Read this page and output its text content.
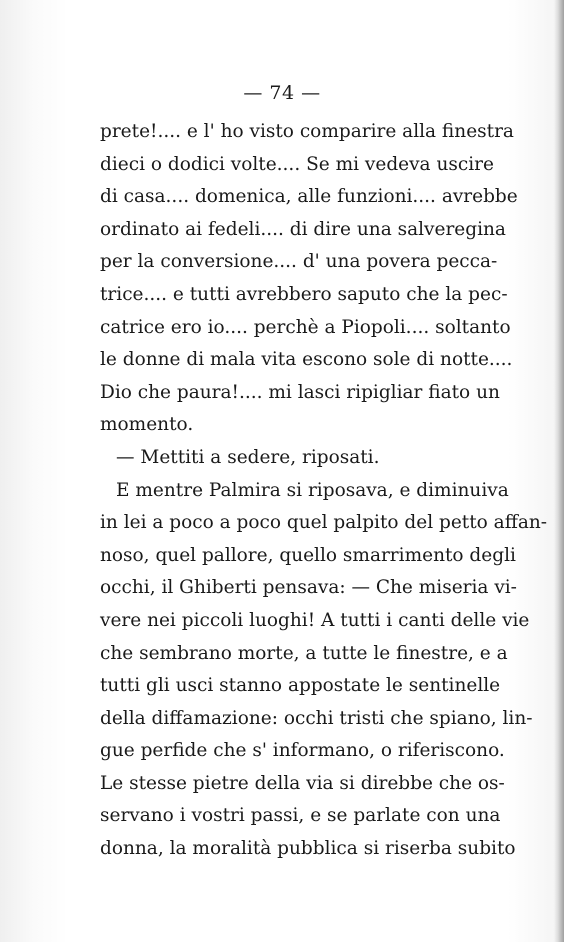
— 74 —
prete!.... e l' ho visto comparire alla finestra
dieci o dodici volte.... Se mi vedeva uscire
di casa.... domenica, alle funzioni.... avrebbe
ordinato ai fedeli.... di dire una salveregina
per la conversione.... d' una povera pecca-
trice.... e tutti avrebbero saputo che la pec-
catrice ero io.... perchè a Piopoli.... soltanto
le donne di mala vita escono sole di notte....
Dio che paura!.... mi lasci ripigliar fiato un
momento.
— Mettiti a sedere, riposati.
E mentre Palmira si riposava, e diminuiva
in lei a poco a poco quel palpito del petto affan-
noso, quel pallore, quello smarrimento degli
occhi, il Ghiberti pensava: — Che miseria vi-
vere nei piccoli luoghi! A tutti i canti delle vie
che sembrano morte, a tutte le finestre, e a
tutti gli usci stanno appostate le sentinelle
della diffamazione: occhi tristi che spiano, lin-
gue perfide che s' informano, o riferiscono.
Le stesse pietre della via si direbbe che os-
servano i vostri passi, e se parlate con una
donna, la moralità pubblica si riserba subito
